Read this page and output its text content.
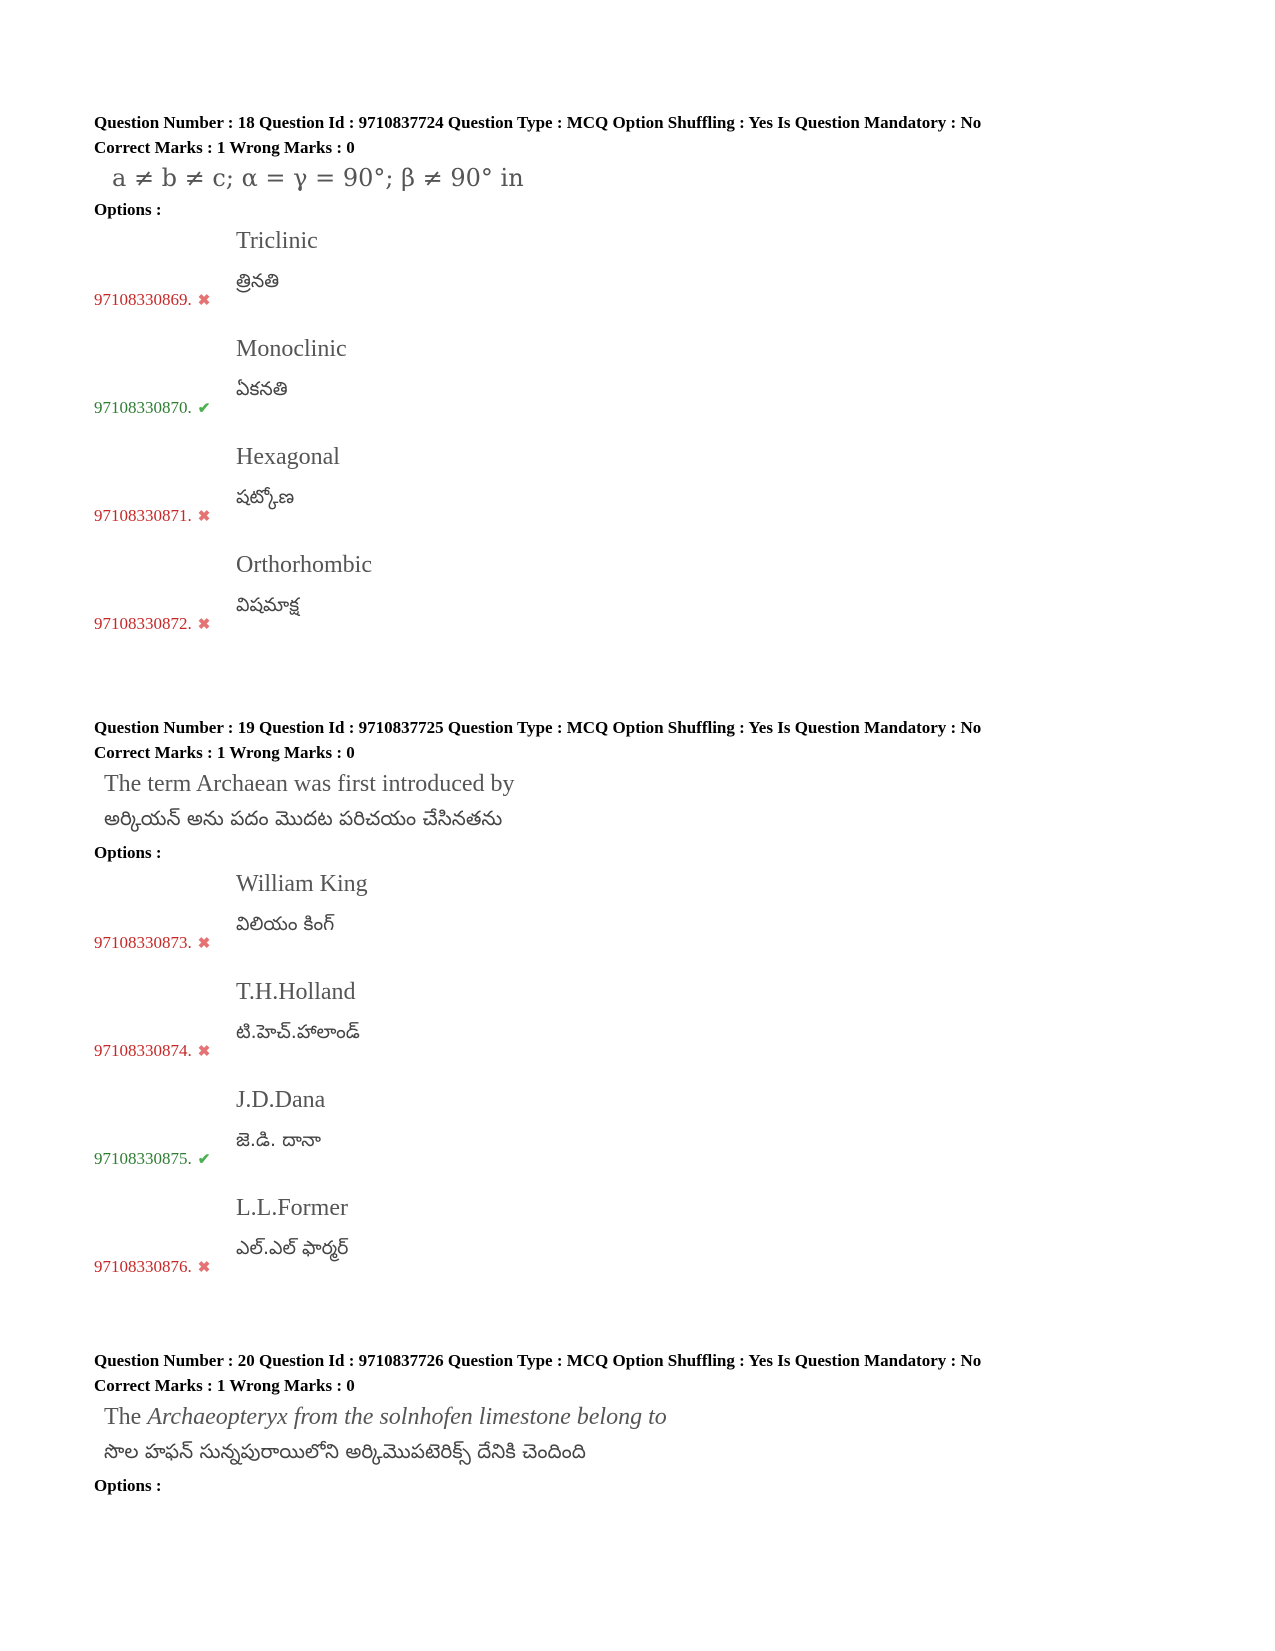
Question Number : 18 Question Id : 9710837724 Question Type : MCQ Option Shuffling : Yes Is Question Mandatory : No
Correct Marks : 1 Wrong Marks : 0
a ≠ b ≠ c; α = γ = 90°; β ≠ 90° in
Options :
Triclinic
త్రినతి
97108330869. ✖
Monoclinic
ఏకనతి
97108330870. ✔
Hexagonal
షట్కోణ
97108330871. ✖
Orthorhombic
విషమాక్ష
97108330872. ✖
Question Number : 19 Question Id : 9710837725 Question Type : MCQ Option Shuffling : Yes Is Question Mandatory : No
Correct Marks : 1 Wrong Marks : 0
The term Archaean was first introduced by
అర్కియన్ అను పదం మొదట పరిచయం చేసినతను
Options :
William King
విలియం కింగ్
97108330873. ✖
T.H.Holland
టి.హెచ్.హాలాండ్
97108330874. ✖
J.D.Dana
జె.డి. దానా
97108330875. ✔
L.L.Former
ఎల్.ఎల్ ఫార్మర్
97108330876. ✖
Question Number : 20 Question Id : 9710837726 Question Type : MCQ Option Shuffling : Yes Is Question Mandatory : No
Correct Marks : 1 Wrong Marks : 0
The Archaeopteryx from the solnhofen limestone belong to
సొల హఫన్ సున్నపురాయిలోని అర్కిమొపటెరిక్స్ దేనికి చెందింది
Options :
